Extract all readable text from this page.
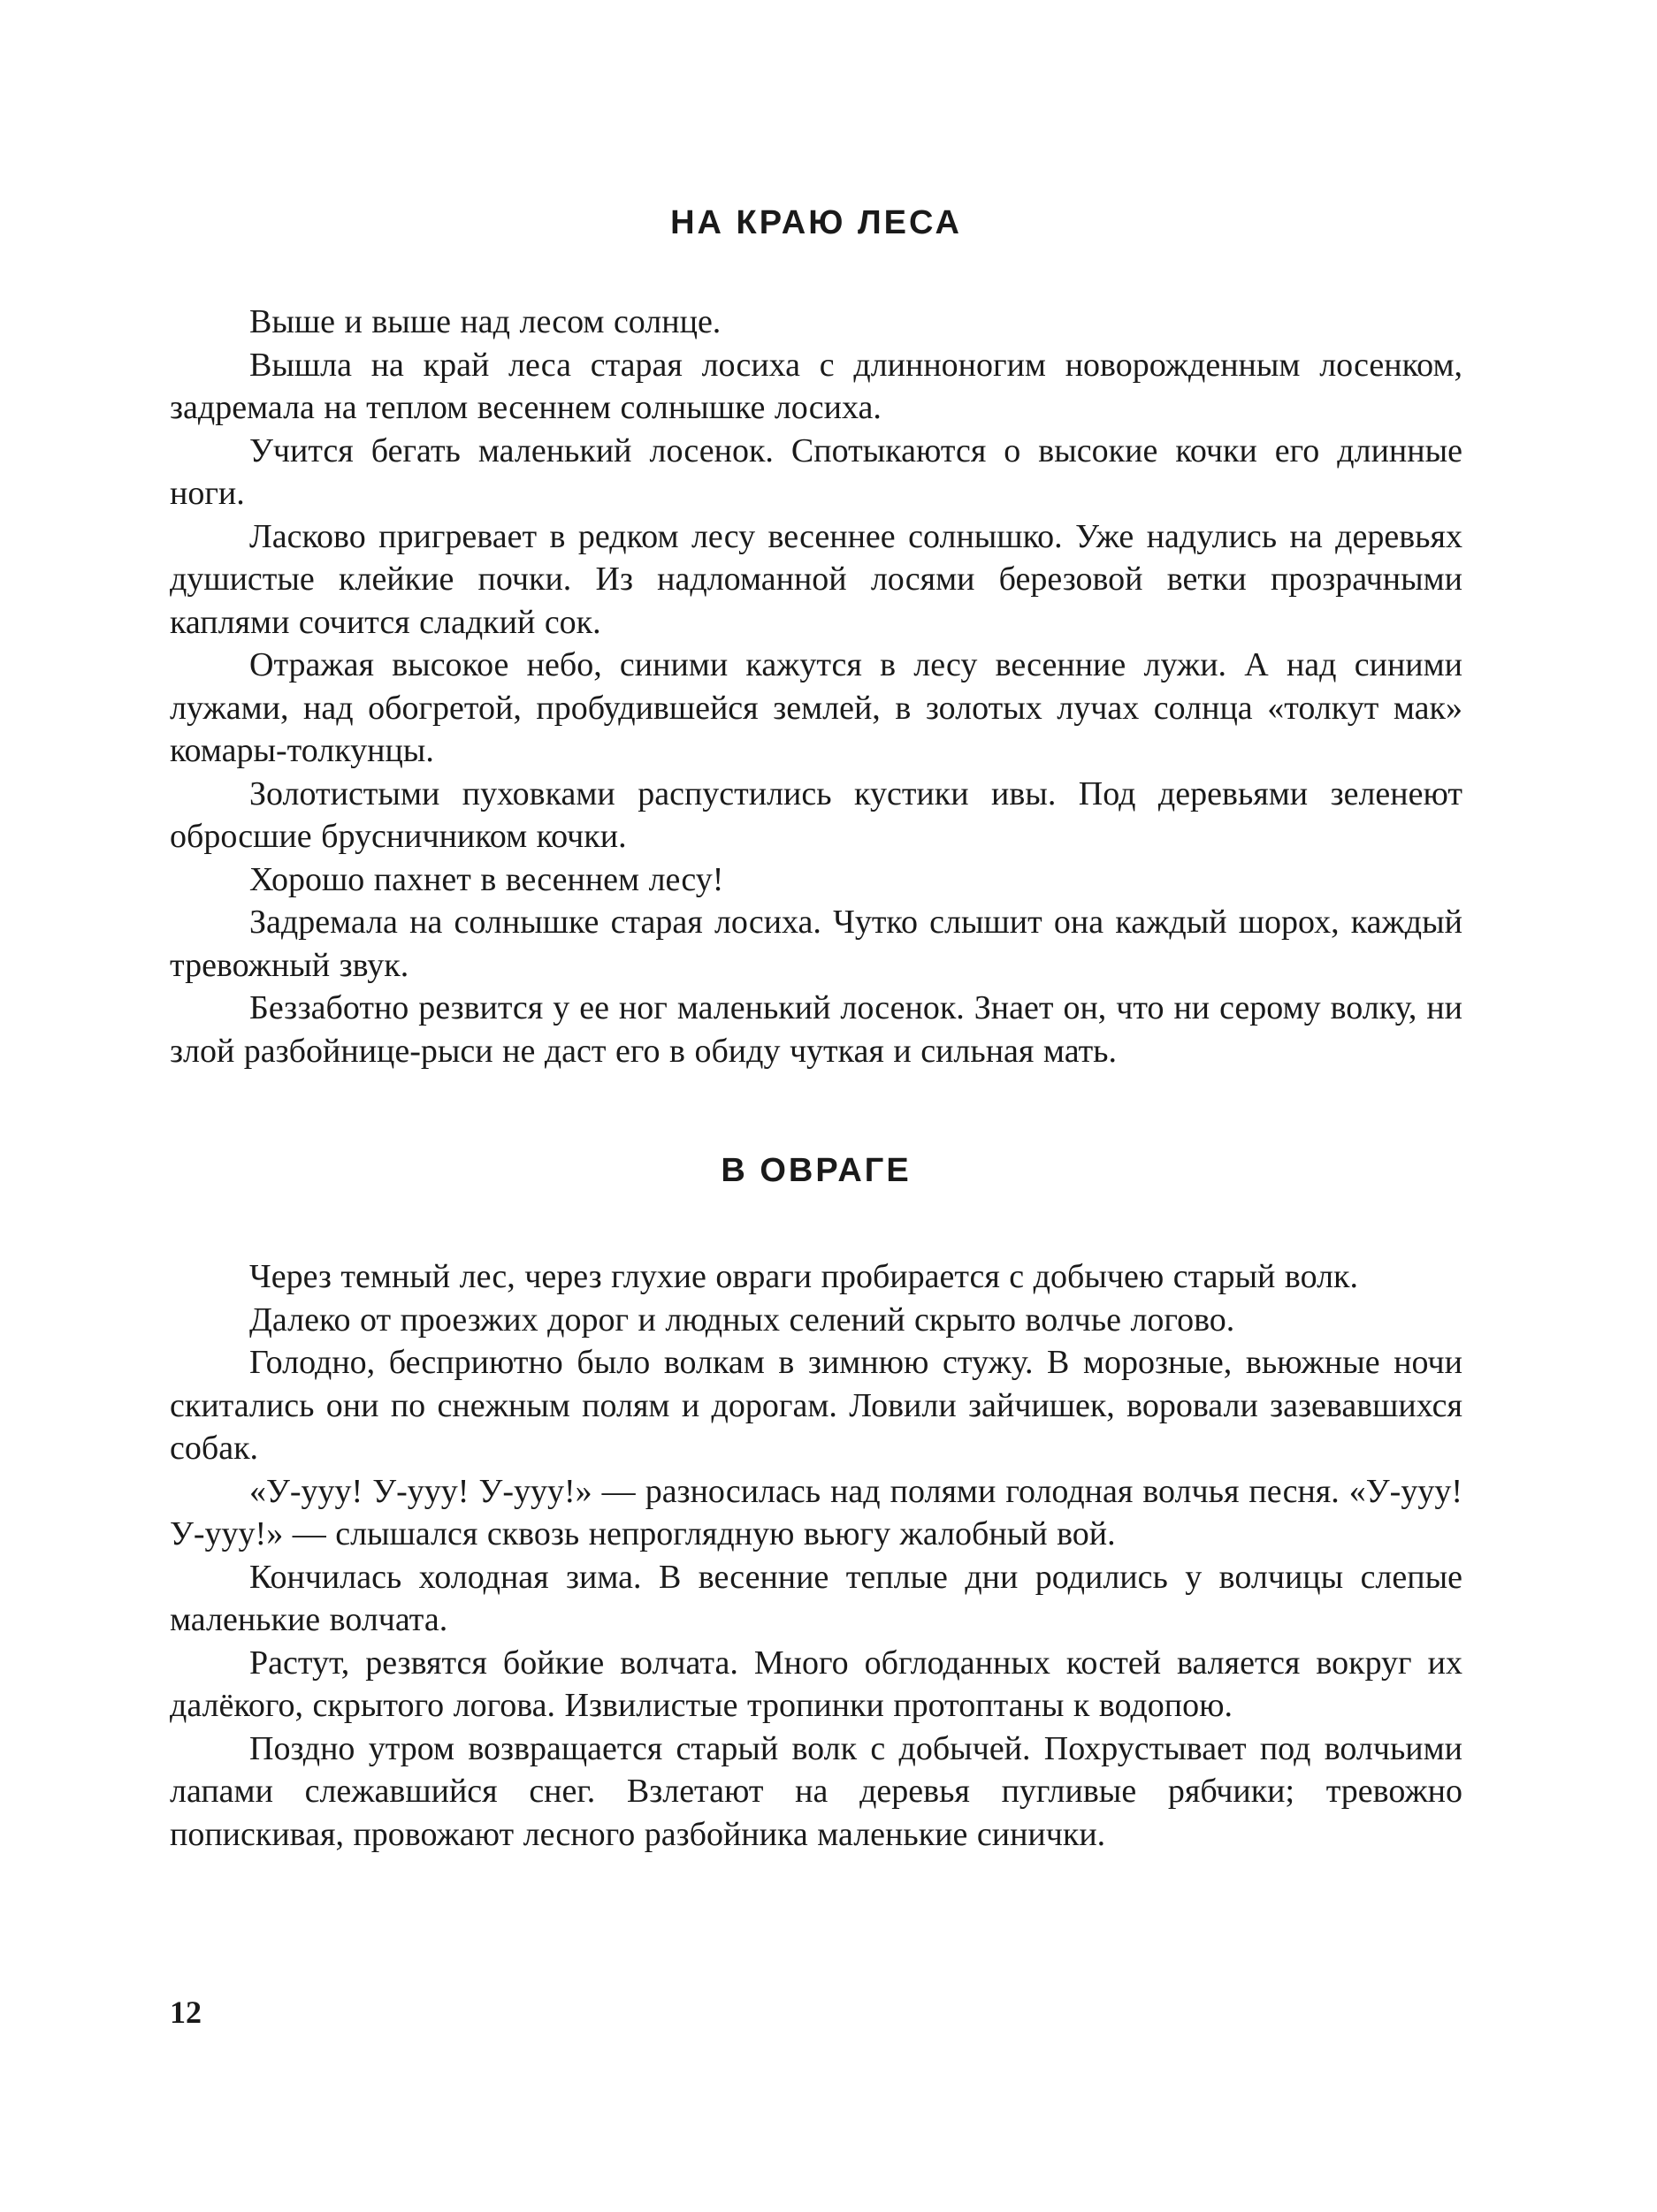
НА КРАЮ ЛЕСА

Выше и выше над лесом солнце.

Вышла на край леса старая лосиха с длинноногим новорожденным лосенком, задремала на теплом весеннем солнышке лосиха.

Учится бегать маленький лосенок. Спотыкаются о высокие кочки его длинные ноги.

Ласково пригревает в редком лесу весеннее солнышко. Уже надулись на деревьях душистые клейкие почки. Из надломанной лосями березовой ветки прозрачными каплями сочится сладкий сок.

Отражая высокое небо, синими кажутся в лесу весенние лужи. А над синими лужами, над обогретой, пробудившейся землей, в золотых лучах солнца «толкут мак» комары-толкунцы.

Золотистыми пуховками распустились кустики ивы. Под деревьями зеленеют обросшие брусничником кочки.

Хорошо пахнет в весеннем лесу!

Задремала на солнышке старая лосиха. Чутко слышит она каждый шорох, каждый тревожный звук.

Беззаботно резвится у ее ног маленький лосенок. Знает он, что ни серому волку, ни злой разбойнице-рыси не даст его в обиду чуткая и сильная мать.

В ОВРАГЕ

Через темный лес, через глухие овраги пробирается с добычею старый волк.

Далеко от проезжих дорог и людных селений скрыто волчье логово.

Голодно, бесприютно было волкам в зимнюю стужу. В морозные, вьюжные ночи скитались они по снежным полям и дорогам. Ловили зайчишек, воровали зазевавшихся собак.

«У-ууу! У-ууу! У-ууу!» — разносилась над полями голодная волчья песня. «У-ууу! У-ууу!» — слышался сквозь непроглядную вьюгу жалобный вой.

Кончилась холодная зима. В весенние теплые дни родились у волчицы слепые маленькие волчата.

Растут, резвятся бойкие волчата. Много обглоданных костей валяется вокруг их далёкого, скрытого логова. Извилистые тропинки протоптаны к водопою.

Поздно утром возвращается старый волк с добычей. Похрустывает под волчьими лапами слежавшийся снег. Взлетают на деревья пугливые рябчики; тревожно попискивая, провожают лесного разбойника маленькие синички.

12
